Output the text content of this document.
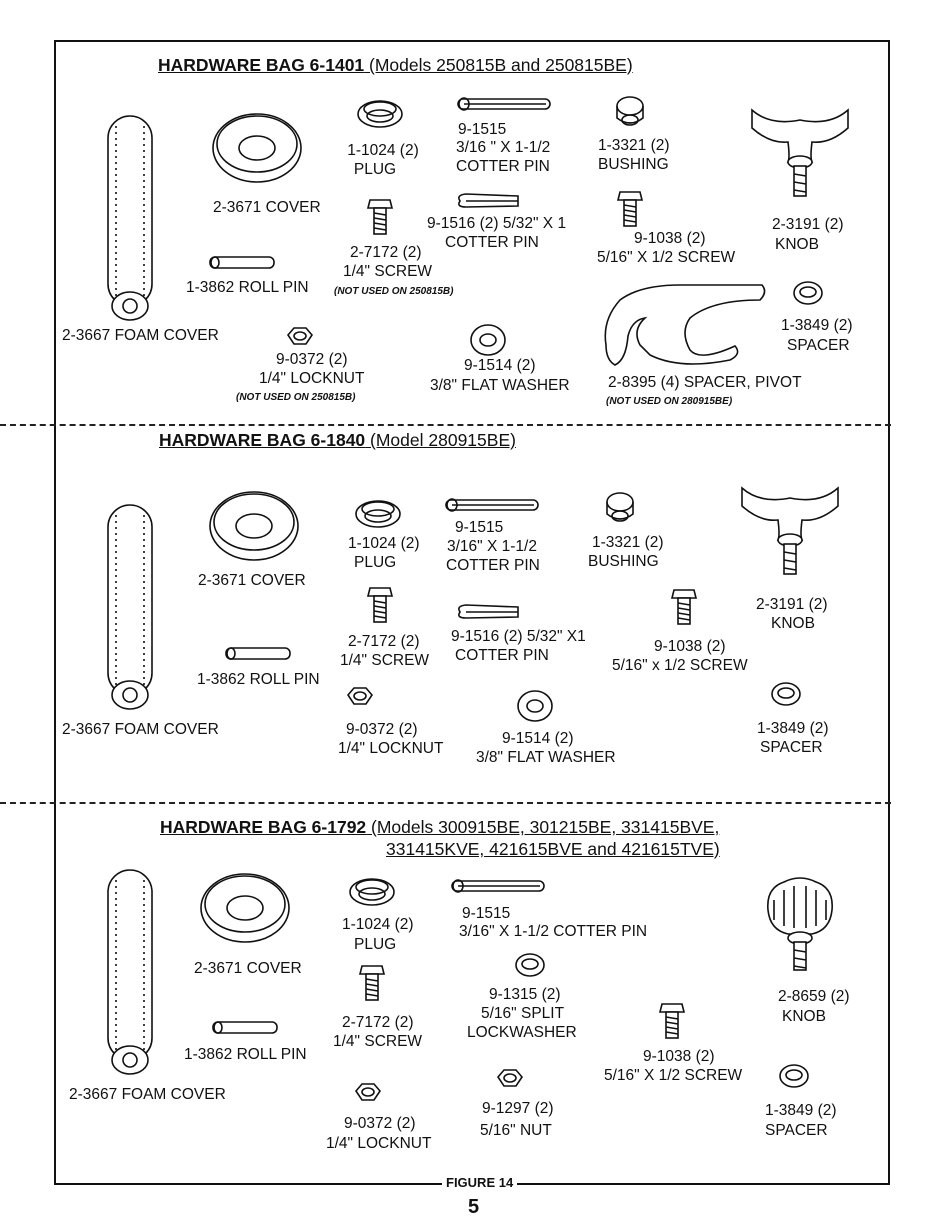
HARDWARE BAG 6-1401 (Models 250815B and 250815BE)
2-3667 FOAM COVER
2-3671 COVER
1-3862 ROLL PIN
1-1024 (2)
PLUG
2-7172 (2)
1/4" SCREW
(NOT USED ON 250815B)
9-1515
3/16 " X 1-1/2
COTTER PIN
9-1516 (2) 5/32" X 1
COTTER PIN
1-3321 (2)
BUSHING
9-1038 (2)
5/16" X 1/2 SCREW
2-3191 (2)
KNOB
9-0372 (2)
1/4" LOCKNUT
(NOT USED ON 250815B)
9-1514 (2)
3/8" FLAT WASHER 2-8395 (4) SPACER, PIVOT
(NOT USED ON 280915BE)
1-3849 (2)
SPACER
HARDWARE BAG 6-1840 (Model 280915BE)
2-3667 FOAM COVER
2-3671 COVER
1-3862 ROLL PIN
1-1024 (2)
PLUG
2-7172 (2)
1/4" SCREW
9-1515
3/16" X 1-1/2
COTTER PIN
9-1516 (2) 5/32" X1
COTTER PIN
1-3321 (2)
BUSHING
9-1038 (2)
5/16" x 1/2 SCREW
2-3191 (2)
KNOB
9-0372 (2)
1/4" LOCKNUT
9-1514 (2)
3/8" FLAT WASHER
1-3849 (2)
SPACER
HARDWARE BAG 6-1792 (Models 300915BE, 301215BE, 331415BVE,
331415KVE, 421615BVE and 421615TVE)
2-3667 FOAM COVER
2-3671 COVER
1-3862 ROLL PIN
1-1024 (2)
PLUG
2-7172 (2)
1/4" SCREW
9-1515
3/16" X 1-1/2 COTTER PIN
9-1315 (2)
5/16" SPLIT
LOCKWASHER
9-1038 (2)
5/16" X 1/2 SCREW
2-8659 (2)
KNOB
9-0372 (2)
1/4" LOCKNUT
9-1297 (2)
5/16" NUT
1-3849 (2)
SPACER
FIGURE 14
5
